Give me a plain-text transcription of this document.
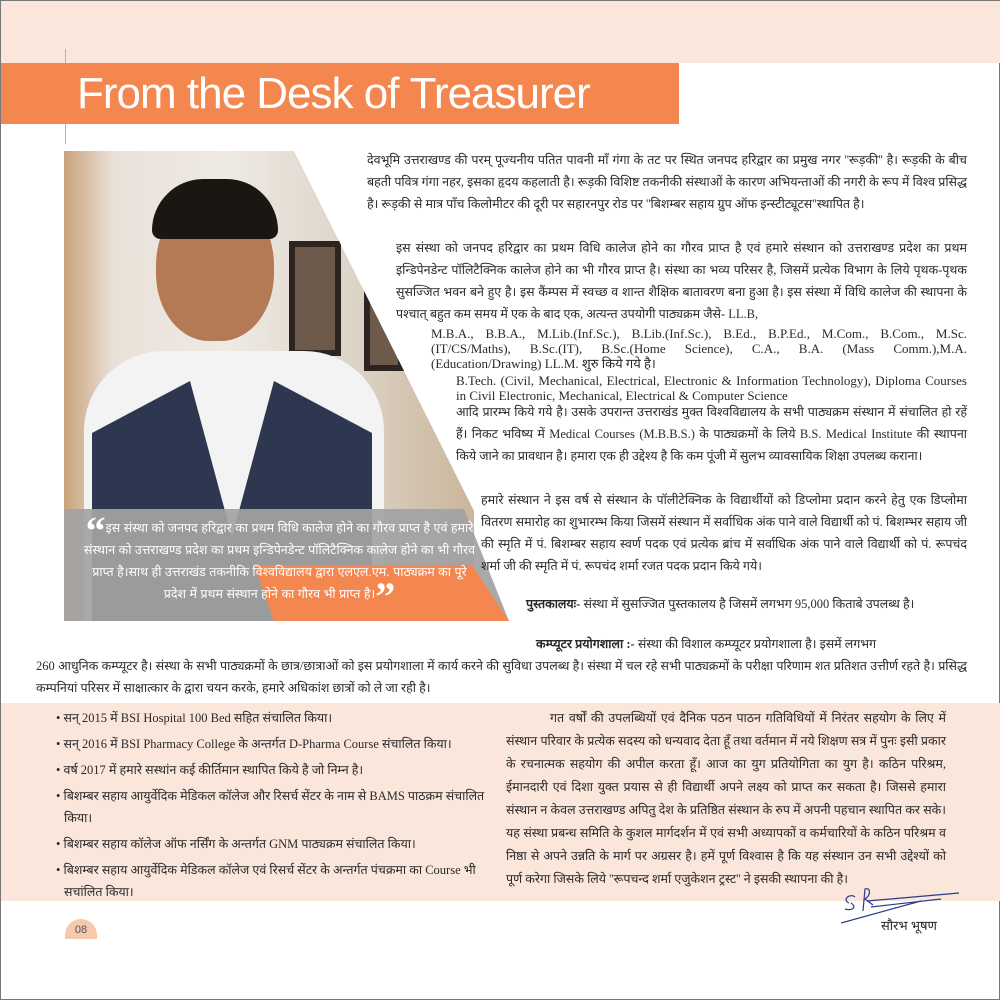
From the Desk of Treasurer

“इस संस्था को जनपद हरिद्वार का प्रथम विधि कालेज होने का गौरव प्राप्त है एवं हमारे संस्थान को उत्तराखण्ड प्रदेश का प्रथम इन्डिपेनडेन्ट पॉलिटैक्निक कालेज होने का भी गौरव प्राप्त है।साथ ही उत्तराखंड तकनीकि विश्वविद्यालय द्वारा एलएल.एम. पाठ्यक्रम का पूरे प्रदेश में प्रथम संस्थान होने का गौरव भी प्राप्त है।”

देवभूमि उत्तराखण्ड की परम् पूज्यनीय पतित पावनी माँ गंगा के तट पर स्थित जनपद हरिद्वार का प्रमुख नगर ''रूड़की'' है। रूड़की के बीच बहती पवित्र गंगा नहर, इसका हृदय कहलाती है। रूड़की विशिष्ट तकनीकी संस्थाओं के कारण अभियन्ताओं की नगरी के रूप में विश्व प्रसिद्ध है। रूड़की से मात्र पाँच किलोमीटर की दूरी पर सहारनपुर रोड पर ''बिशम्बर सहाय ग्रुप ऑफ इन्स्टीट्यूटस''स्थापित है।

इस संस्था को जनपद हरिद्वार का प्रथम विधि कालेज होने का गौरव प्राप्त है एवं हमारे संस्थान को उत्तराखण्ड प्रदेश का प्रथम इन्डिपेनडेन्ट पॉलिटैक्निक कालेज होने का भी गौरव प्राप्त है। संस्था का भव्य परिसर है, जिसमें प्रत्येक विभाग के लिये पृथक-पृथक सुसज्जित भवन बने हुए है। इस कैंम्पस में स्वच्छ व शान्त शैक्षिक बातावरण बना हुआ है। इस संस्था में विधि कालेज की स्थापना के पश्चात् बहुत कम समय में एक के बाद एक, अत्यन्त उपयोगी पाठ्यक्रम जैसे- LL.B,

M.B.A., B.B.A., M.Lib.(Inf.Sc.), B.Lib.(Inf.Sc.), B.Ed., B.P.Ed., M.Com., B.Com., M.Sc.(IT/CS/Maths), B.Sc.(IT), B.Sc.(Home Science), C.A., B.A. (Mass Comm.),M.A. (Education/Drawing) LL.M. शुरु किये गये है।

B.Tech. (Civil, Mechanical, Electrical, Electronic & Information Technology), Diploma Courses in Civil Electronic, Mechanical, Electrical & Computer Science

आदि प्रारम्भ किये गये है। उसके उपरान्त उत्तराखंड मुक्त विश्वविद्यालय के सभी पाठ्यक्रम संस्थान में संचालित हो रहें हैं। निकट भविष्य में Medical Courses (M.B.B.S.) के पाठ्यक्रमों के लिये B.S. Medical Institute की स्थापना किये जाने का प्रावधान है। हमारा एक ही उद्देश्य है कि कम पूंजी में सुलभ व्यावसायिक शिक्षा उपलब्ध कराना।

हमारे संस्थान ने इस वर्ष से संस्थान के पॉलीटेक्निक के विद्यार्थीयों को डिप्लोमा प्रदान करने हेतु एक डिप्लोमा वितरण समारोह का शुभारम्भ किया जिसमें संस्थान में सर्वाधिक अंक पाने वाले विद्यार्थी को पं. बिशम्भर सहाय जी की स्मृति में पं. बिशम्बर सहाय स्वर्ण पदक एवं प्रत्येक ब्रांच में सर्वाधिक अंक पाने वाले विद्यार्थी को पं. रूपचंद शर्मा जी की स्मृति में पं. रूपचंद शर्मा रजत पदक प्रदान किये गये।

पुस्तकालयः- संस्था में सुसज्जित पुस्तकालय है जिसमें लगभग 95,000 किताबे उपलब्ध है।

कम्प्यूटर प्रयोगशाला :- संस्था की विशाल कम्प्यूटर प्रयोगशाला है। इसमें लगभग

260 आधुनिक कम्प्यूटर है। संस्था के सभी पाठ्यक्रमों के छात्र/छात्राओं को इस प्रयोगशाला में कार्य करने की सुविधा उपलब्ध है। संस्था में चल रहे सभी पाठ्यक्रमों के परीक्षा परिणाम शत प्रतिशत उत्तीर्ण रहते है। प्रसिद्ध कम्पनियां परिसर में साक्षात्कार के द्वारा चयन करके, हमारे अधिकांश छात्रों को ले जा रही है।

• सन् 2015 में BSI Hospital 100 Bed सहित संचालित किया।
• सन् 2016 में BSI Pharmacy College के अन्तर्गत D-Pharma Course संचालित किया।
• वर्ष 2017 में हमारे सस्थांन कई कीर्तिमान स्थापित किये है जो निम्न है।
• बिशम्बर सहाय आयुर्वेदिक मेडिकल कॉलेज और रिसर्च सेंटर के नाम से BAMS पाठक्रम संचालित किया।
• बिशम्बर सहाय कॉलेज ऑफ नर्सिंग के अन्तर्गत GNM पाठ्यक्रम संचालित किया।
• बिशम्बर सहाय आयुर्वेदिक मेडिकल कॉलेज एवं रिसर्च सेंटर के अन्तर्गत पंचक्रमा का Course भी सचांलित किया।

गत वर्षों की उपलब्धियों एवं दैनिक पठन पाठन गतिविधियों में निरंतर सहयोग के लिए में संस्थान परिवार के प्रत्येक सदस्य को धन्यवाद देता हूँ तथा वर्तमान में नये शिक्षण सत्र में पुनः इसी प्रकार के रचनात्मक सहयोग की अपील करता हूँ। आज का युग प्रतियोगिता का युग है। कठिन परिश्रम, ईमानदारी एवं दिशा युक्त प्रयास से ही विद्यार्थी अपने लक्ष्य को प्राप्त कर सकता है। जिससे हमारा संस्थान न केवल उत्तराखण्ड अपितु देश के प्रतिष्ठित संस्थान के रुप में अपनी पहचान स्थापित कर सके। यह संस्था प्रबन्ध समिति के कुशल मार्गदर्शन में एवं सभी अध्यापकों व कर्मचारियों के कठिन परिश्रम व निष्ठा से अपने उन्नति के मार्ग पर अग्रसर है। हमें पूर्ण विश्वास है कि यह संस्थान उन सभी उद्देश्यों को पूर्ण करेगा जिसके लिये ''रूपचन्द शर्मा एजुकेशन ट्रस्ट'' ने इसकी स्थापना की है।

08	सौरभ भूषण
